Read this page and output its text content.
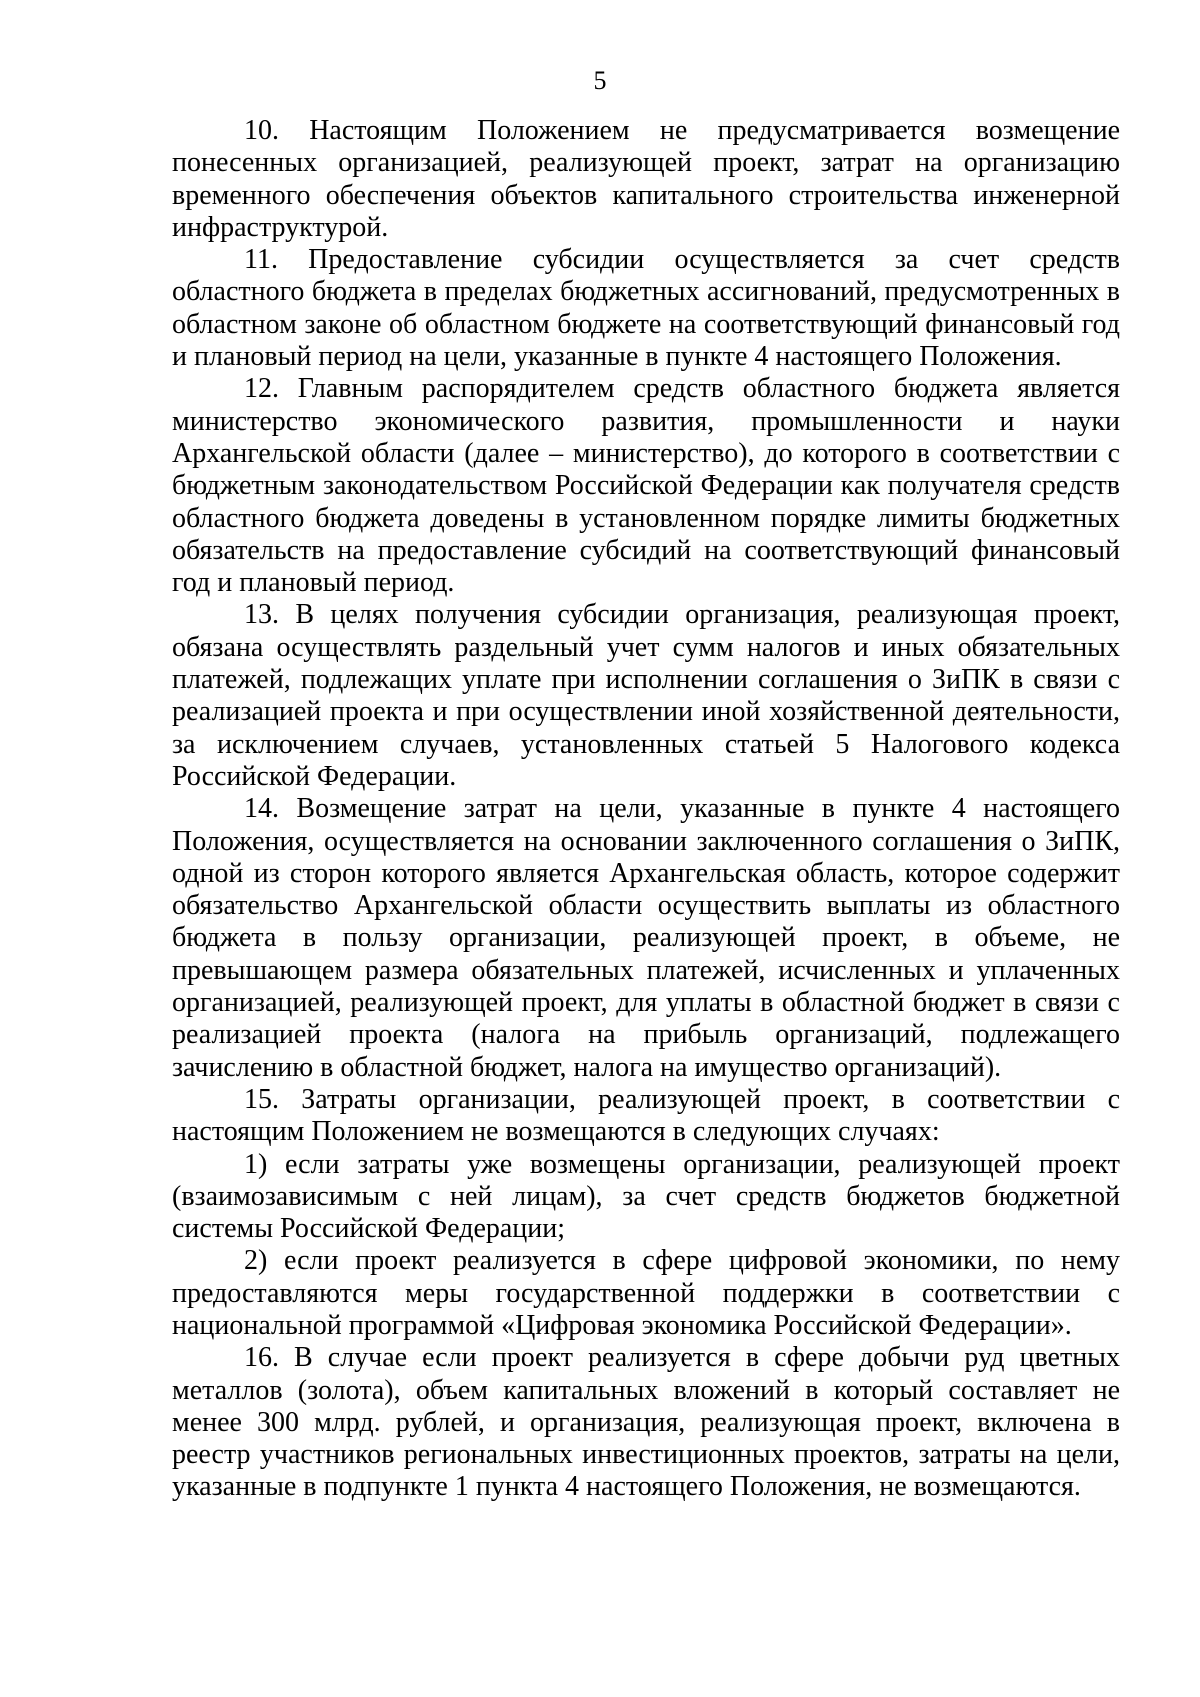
5

10. Настоящим Положением не предусматривается возмещение понесенных организацией, реализующей проект, затрат на организацию временного обеспечения объектов капитального строительства инженерной инфраструктурой.

11. Предоставление субсидии осуществляется за счет средств областного бюджета в пределах бюджетных ассигнований, предусмотренных в областном законе об областном бюджете на соответствующий финансовый год и плановый период на цели, указанные в пункте 4 настоящего Положения.

12. Главным распорядителем средств областного бюджета является министерство экономического развития, промышленности и науки Архангельской области (далее – министерство), до которого в соответствии с бюджетным законодательством Российской Федерации как получателя средств областного бюджета доведены в установленном порядке лимиты бюджетных обязательств на предоставление субсидий на соответствующий финансовый год и плановый период.

13. В целях получения субсидии организация, реализующая проект, обязана осуществлять раздельный учет сумм налогов и иных обязательных платежей, подлежащих уплате при исполнении соглашения о ЗиПК в связи с реализацией проекта и при осуществлении иной хозяйственной деятельности, за исключением случаев, установленных статьей 5 Налогового кодекса Российской Федерации.

14. Возмещение затрат на цели, указанные в пункте 4 настоящего Положения, осуществляется на основании заключенного соглашения о ЗиПК, одной из сторон которого является Архангельская область, которое содержит обязательство Архангельской области осуществить выплаты из областного бюджета в пользу организации, реализующей проект, в объеме, не превышающем размера обязательных платежей, исчисленных и уплаченных организацией, реализующей проект, для уплаты в областной бюджет в связи с реализацией проекта (налога на прибыль организаций, подлежащего зачислению в областной бюджет, налога на имущество организаций).

15. Затраты организации, реализующей проект, в соответствии с настоящим Положением не возмещаются в следующих случаях:

1) если затраты уже возмещены организации, реализующей проект (взаимозависимым с ней лицам), за счет средств бюджетов бюджетной системы Российской Федерации;

2) если проект реализуется в сфере цифровой экономики, по нему предоставляются меры государственной поддержки в соответствии с национальной программой «Цифровая экономика Российской Федерации».

16. В случае если проект реализуется в сфере добычи руд цветных металлов (золота), объем капитальных вложений в который составляет не менее 300 млрд. рублей, и организация, реализующая проект, включена в реестр участников региональных инвестиционных проектов, затраты на цели, указанные в подпункте 1 пункта 4 настоящего Положения, не возмещаются.
